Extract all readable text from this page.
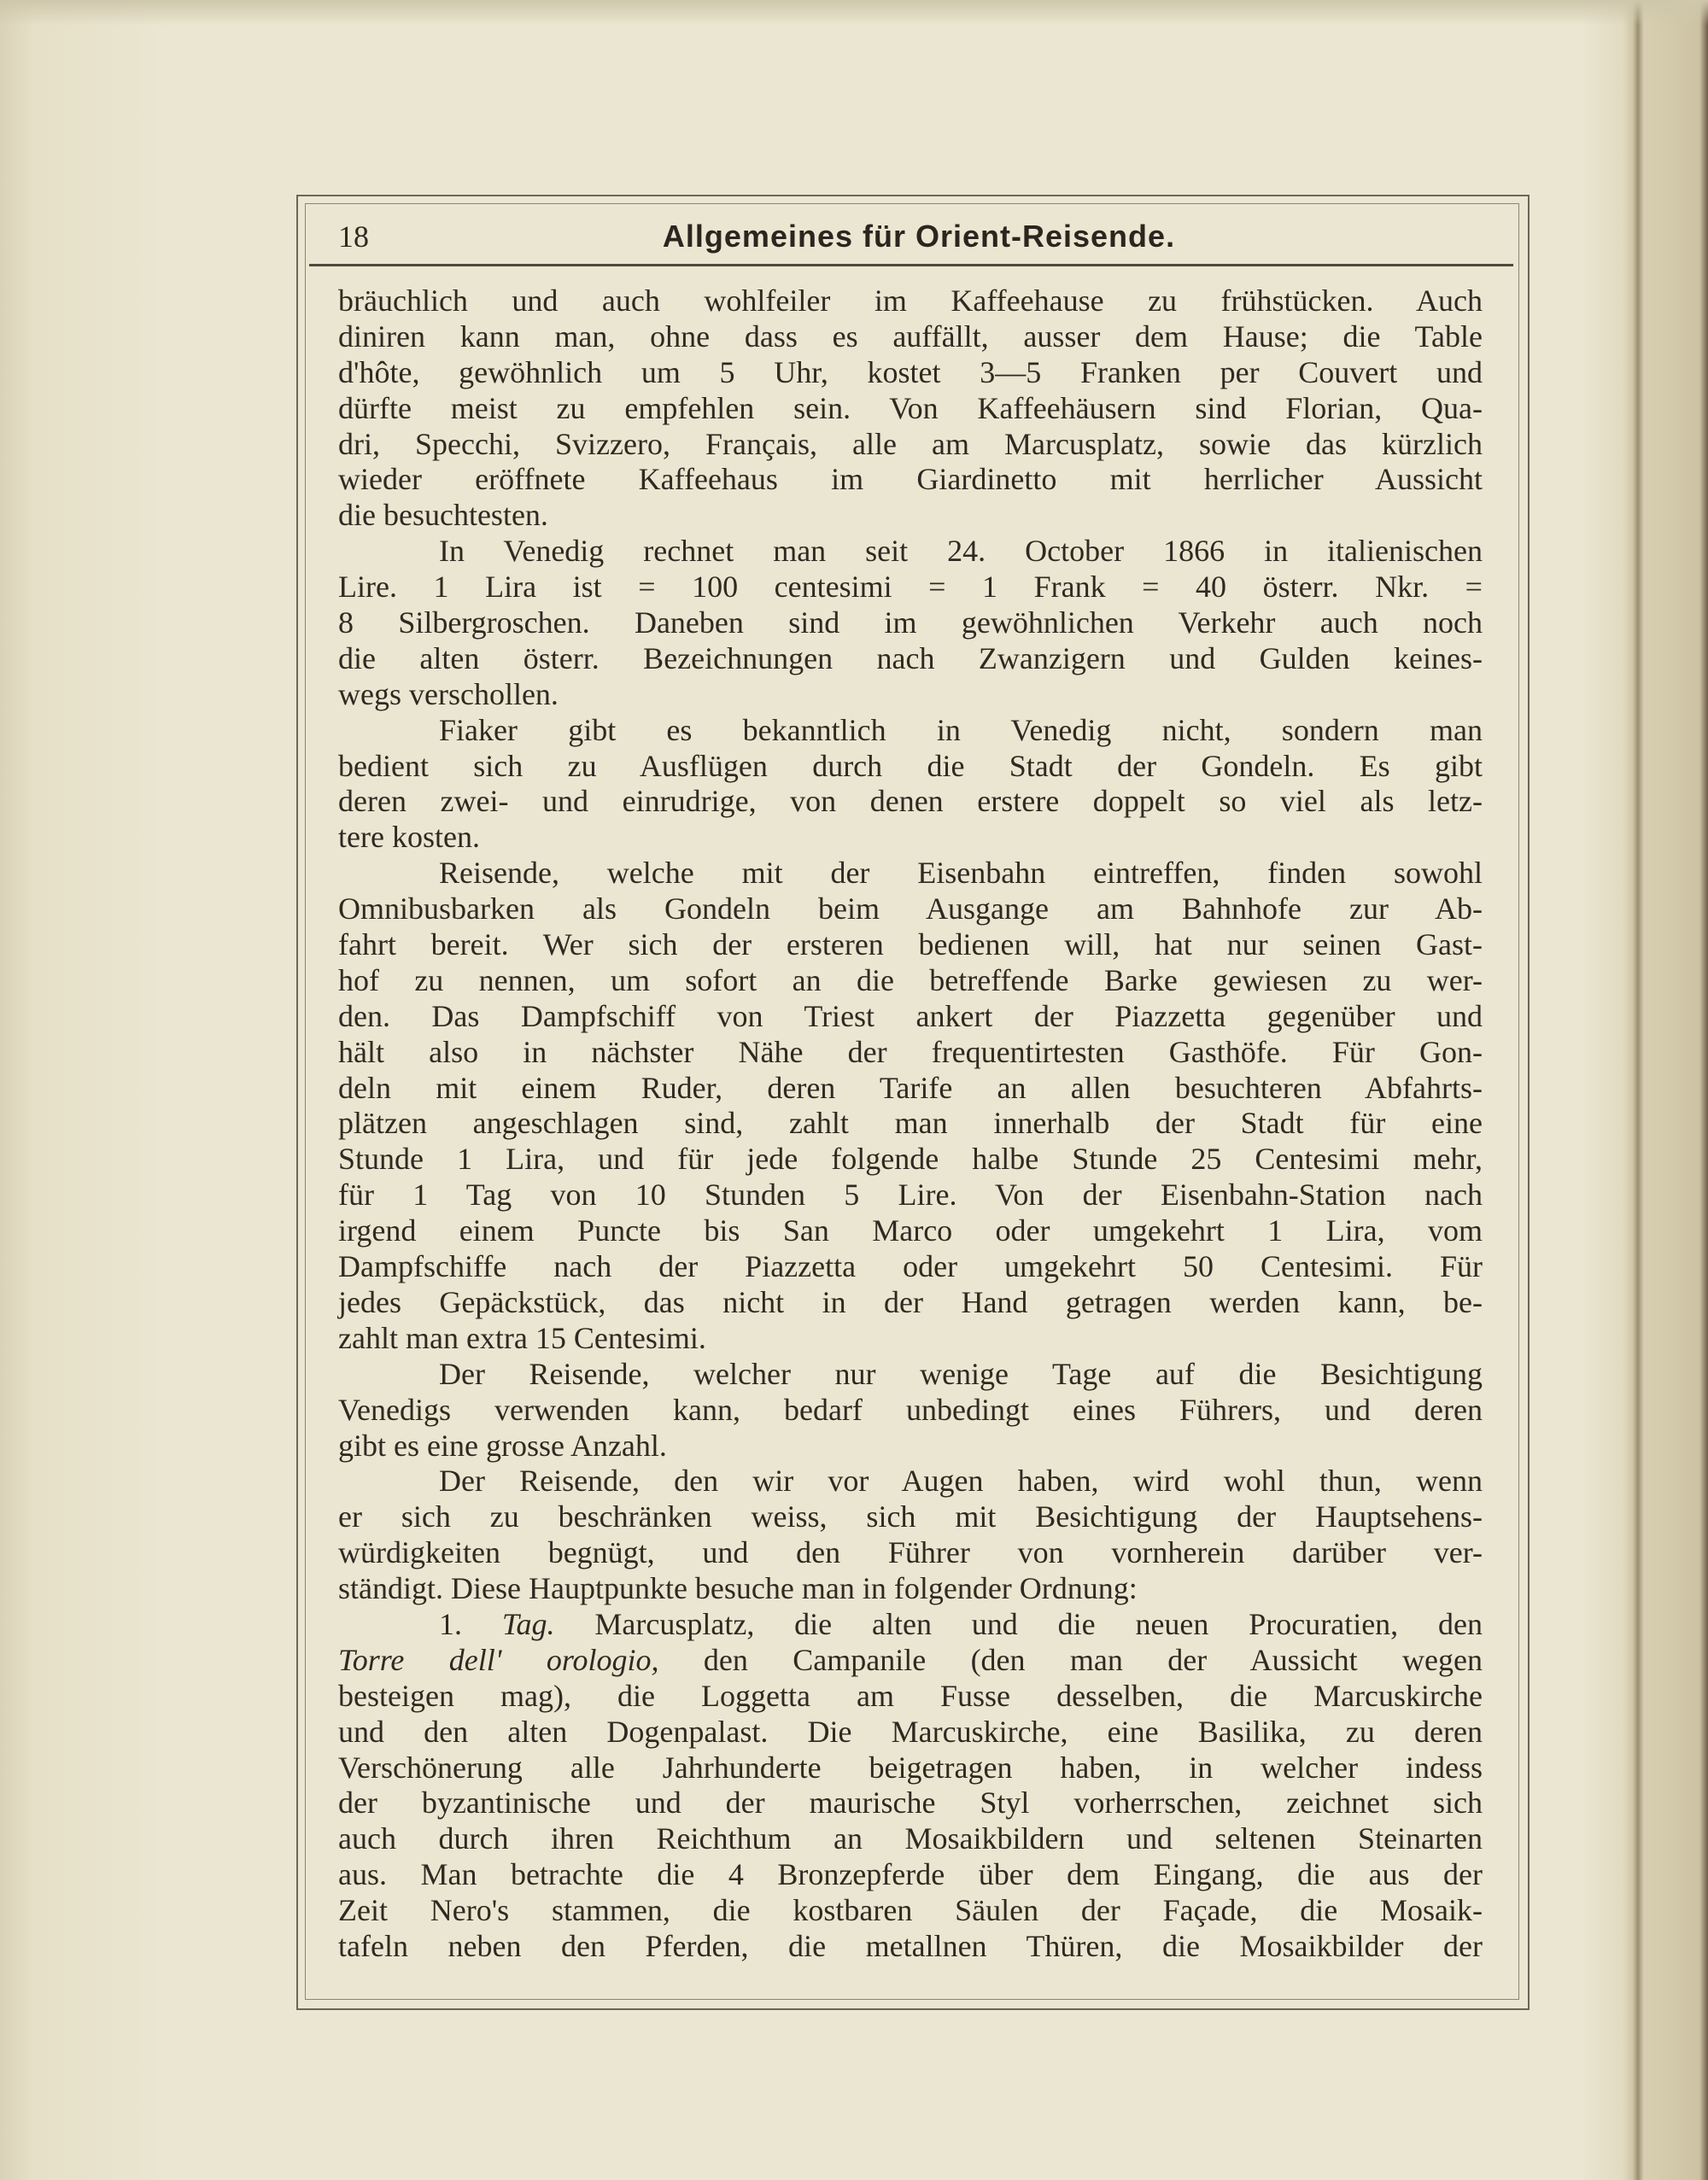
18	Allgemeines für Orient-Reisende.
bräuchlich und auch wohlfeiler im Kaffeehause zu frühstücken. Auch
diniren kann man, ohne dass es auffällt, ausser dem Hause; die Table
d'hôte, gewöhnlich um 5 Uhr, kostet 3—5 Franken per Couvert und
dürfte meist zu empfehlen sein. Von Kaffeehäusern sind Florian, Qua-
dri, Specchi, Svizzero, Français, alle am Marcusplatz, sowie das kürzlich
wieder eröffnete Kaffeehaus im Giardinetto mit herrlicher Aussicht
die besuchtesten.
In Venedig rechnet man seit 24. October 1866 in italienischen
Lire. 1 Lira ist = 100 centesimi = 1 Frank = 40 österr. Nkr. =
8 Silbergroschen. Daneben sind im gewöhnlichen Verkehr auch noch
die alten österr. Bezeichnungen nach Zwanzigern und Gulden keines-
wegs verschollen.
Fiaker gibt es bekanntlich in Venedig nicht, sondern man
bedient sich zu Ausflügen durch die Stadt der Gondeln. Es gibt
deren zwei- und einrudrige, von denen erstere doppelt so viel als letz-
tere kosten.
Reisende, welche mit der Eisenbahn eintreffen, finden sowohl
Omnibusbarken als Gondeln beim Ausgange am Bahnhofe zur Ab-
fahrt bereit. Wer sich der ersteren bedienen will, hat nur seinen Gast-
hof zu nennen, um sofort an die betreffende Barke gewiesen zu wer-
den. Das Dampfschiff von Triest ankert der Piazzetta gegenüber und
hält also in nächster Nähe der frequentirtesten Gasthöfe. Für Gon-
deln mit einem Ruder, deren Tarife an allen besuchteren Abfahrts-
plätzen angeschlagen sind, zahlt man innerhalb der Stadt für eine
Stunde 1 Lira, und für jede folgende halbe Stunde 25 Centesimi mehr,
für 1 Tag von 10 Stunden 5 Lire. Von der Eisenbahn-Station nach
irgend einem Puncte bis San Marco oder umgekehrt 1 Lira, vom
Dampfschiffe nach der Piazzetta oder umgekehrt 50 Centesimi. Für
jedes Gepäckstück, das nicht in der Hand getragen werden kann, be-
zahlt man extra 15 Centesimi.
Der Reisende, welcher nur wenige Tage auf die Besichtigung
Venedigs verwenden kann, bedarf unbedingt eines Führers, und deren
gibt es eine grosse Anzahl.
Der Reisende, den wir vor Augen haben, wird wohl thun, wenn
er sich zu beschränken weiss, sich mit Besichtigung der Hauptsehens-
würdigkeiten begnügt, und den Führer von vornherein darüber ver-
ständigt. Diese Hauptpunkte besuche man in folgender Ordnung:
1. Tag. Marcusplatz, die alten und die neuen Procuratien, den
Torre dell' orologio, den Campanile (den man der Aussicht wegen
besteigen mag), die Loggetta am Fusse desselben, die Marcuskirche
und den alten Dogenpalast. Die Marcuskirche, eine Basilika, zu deren
Verschönerung alle Jahrhunderte beigetragen haben, in welcher indess
der byzantinische und der maurische Styl vorherrschen, zeichnet sich
auch durch ihren Reichthum an Mosaikbildern und seltenen Steinarten
aus. Man betrachte die 4 Bronzepferde über dem Eingang, die aus der
Zeit Nero's stammen, die kostbaren Säulen der Façade, die Mosaik-
tafeln neben den Pferden, die metallnen Thüren, die Mosaikbilder der
